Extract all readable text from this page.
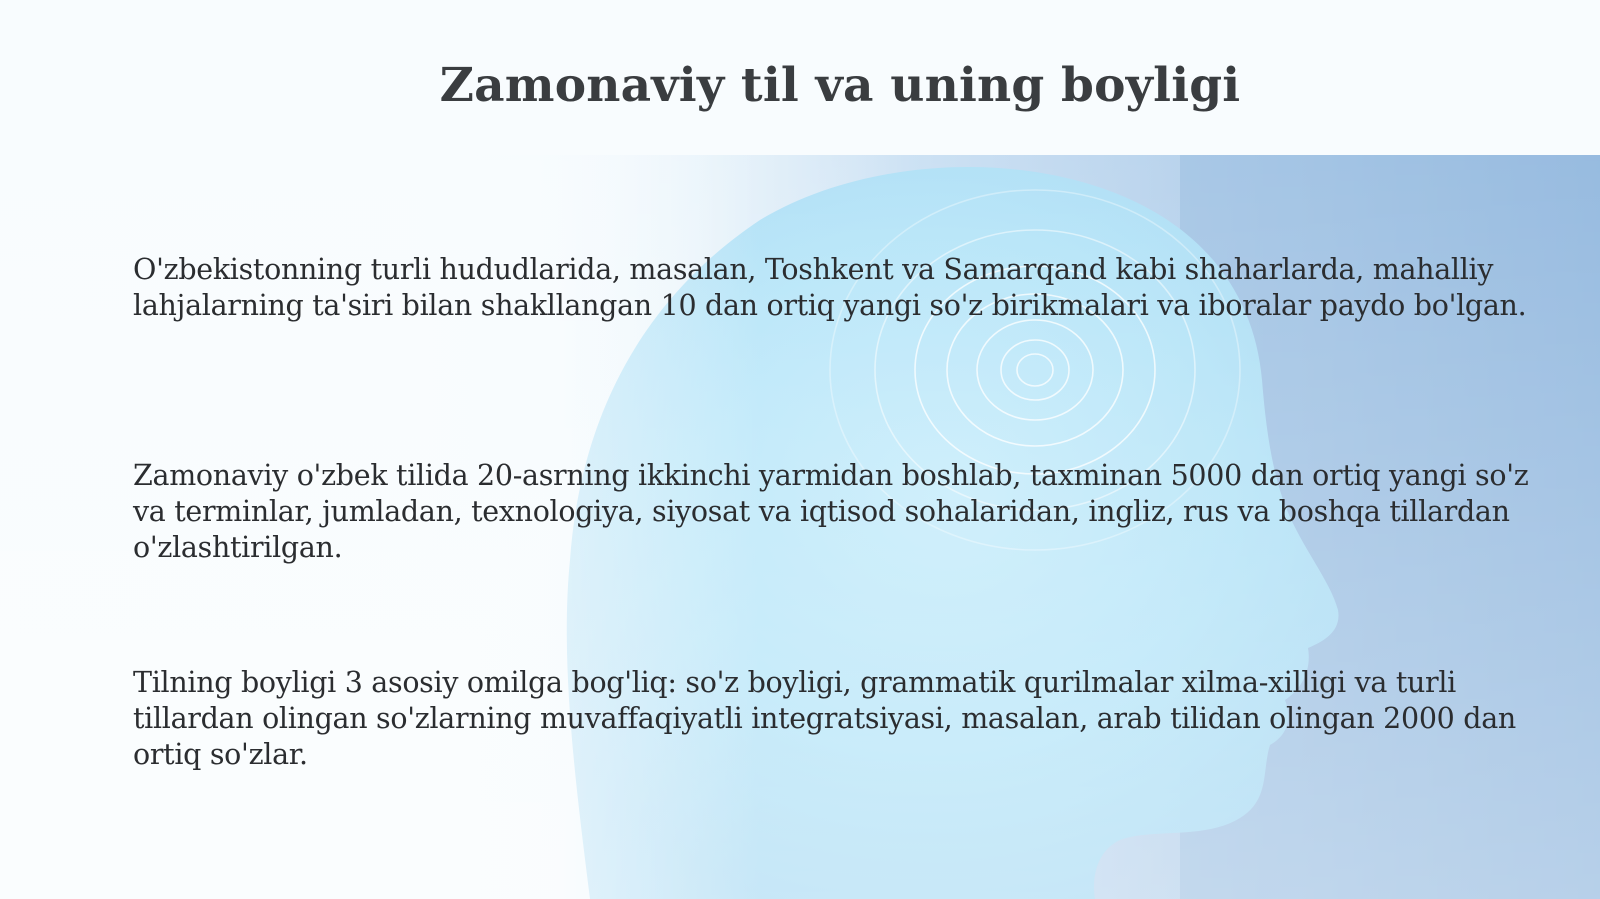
Zamonaviy til va uning boyligi

O'zbekistonning turli hududlarida, masalan, Toshkent va Samarqand kabi shaharlarda, mahalliy lahjalarning ta'siri bilan shakllangan 10 dan ortiq yangi so'z birikmalari va iboralar paydo bo'lgan.

Zamonaviy o'zbek tilida 20-asrning ikkinchi yarmidan boshlab, taxminan 5000 dan ortiq yangi so'z va terminlar, jumladan, texnologiya, siyosat va iqtisod sohalaridan, ingliz, rus va boshqa tillardan o'zlashtirilgan.

Tilning boyligi 3 asosiy omilga bog'liq: so'z boyligi, grammatik qurilmalar xilma-xilligi va turli tillardan olingan so'zlarning muvaffaqiyatli integratsiyasi, masalan, arab tilidan olingan 2000 dan ortiq so'zlar.
